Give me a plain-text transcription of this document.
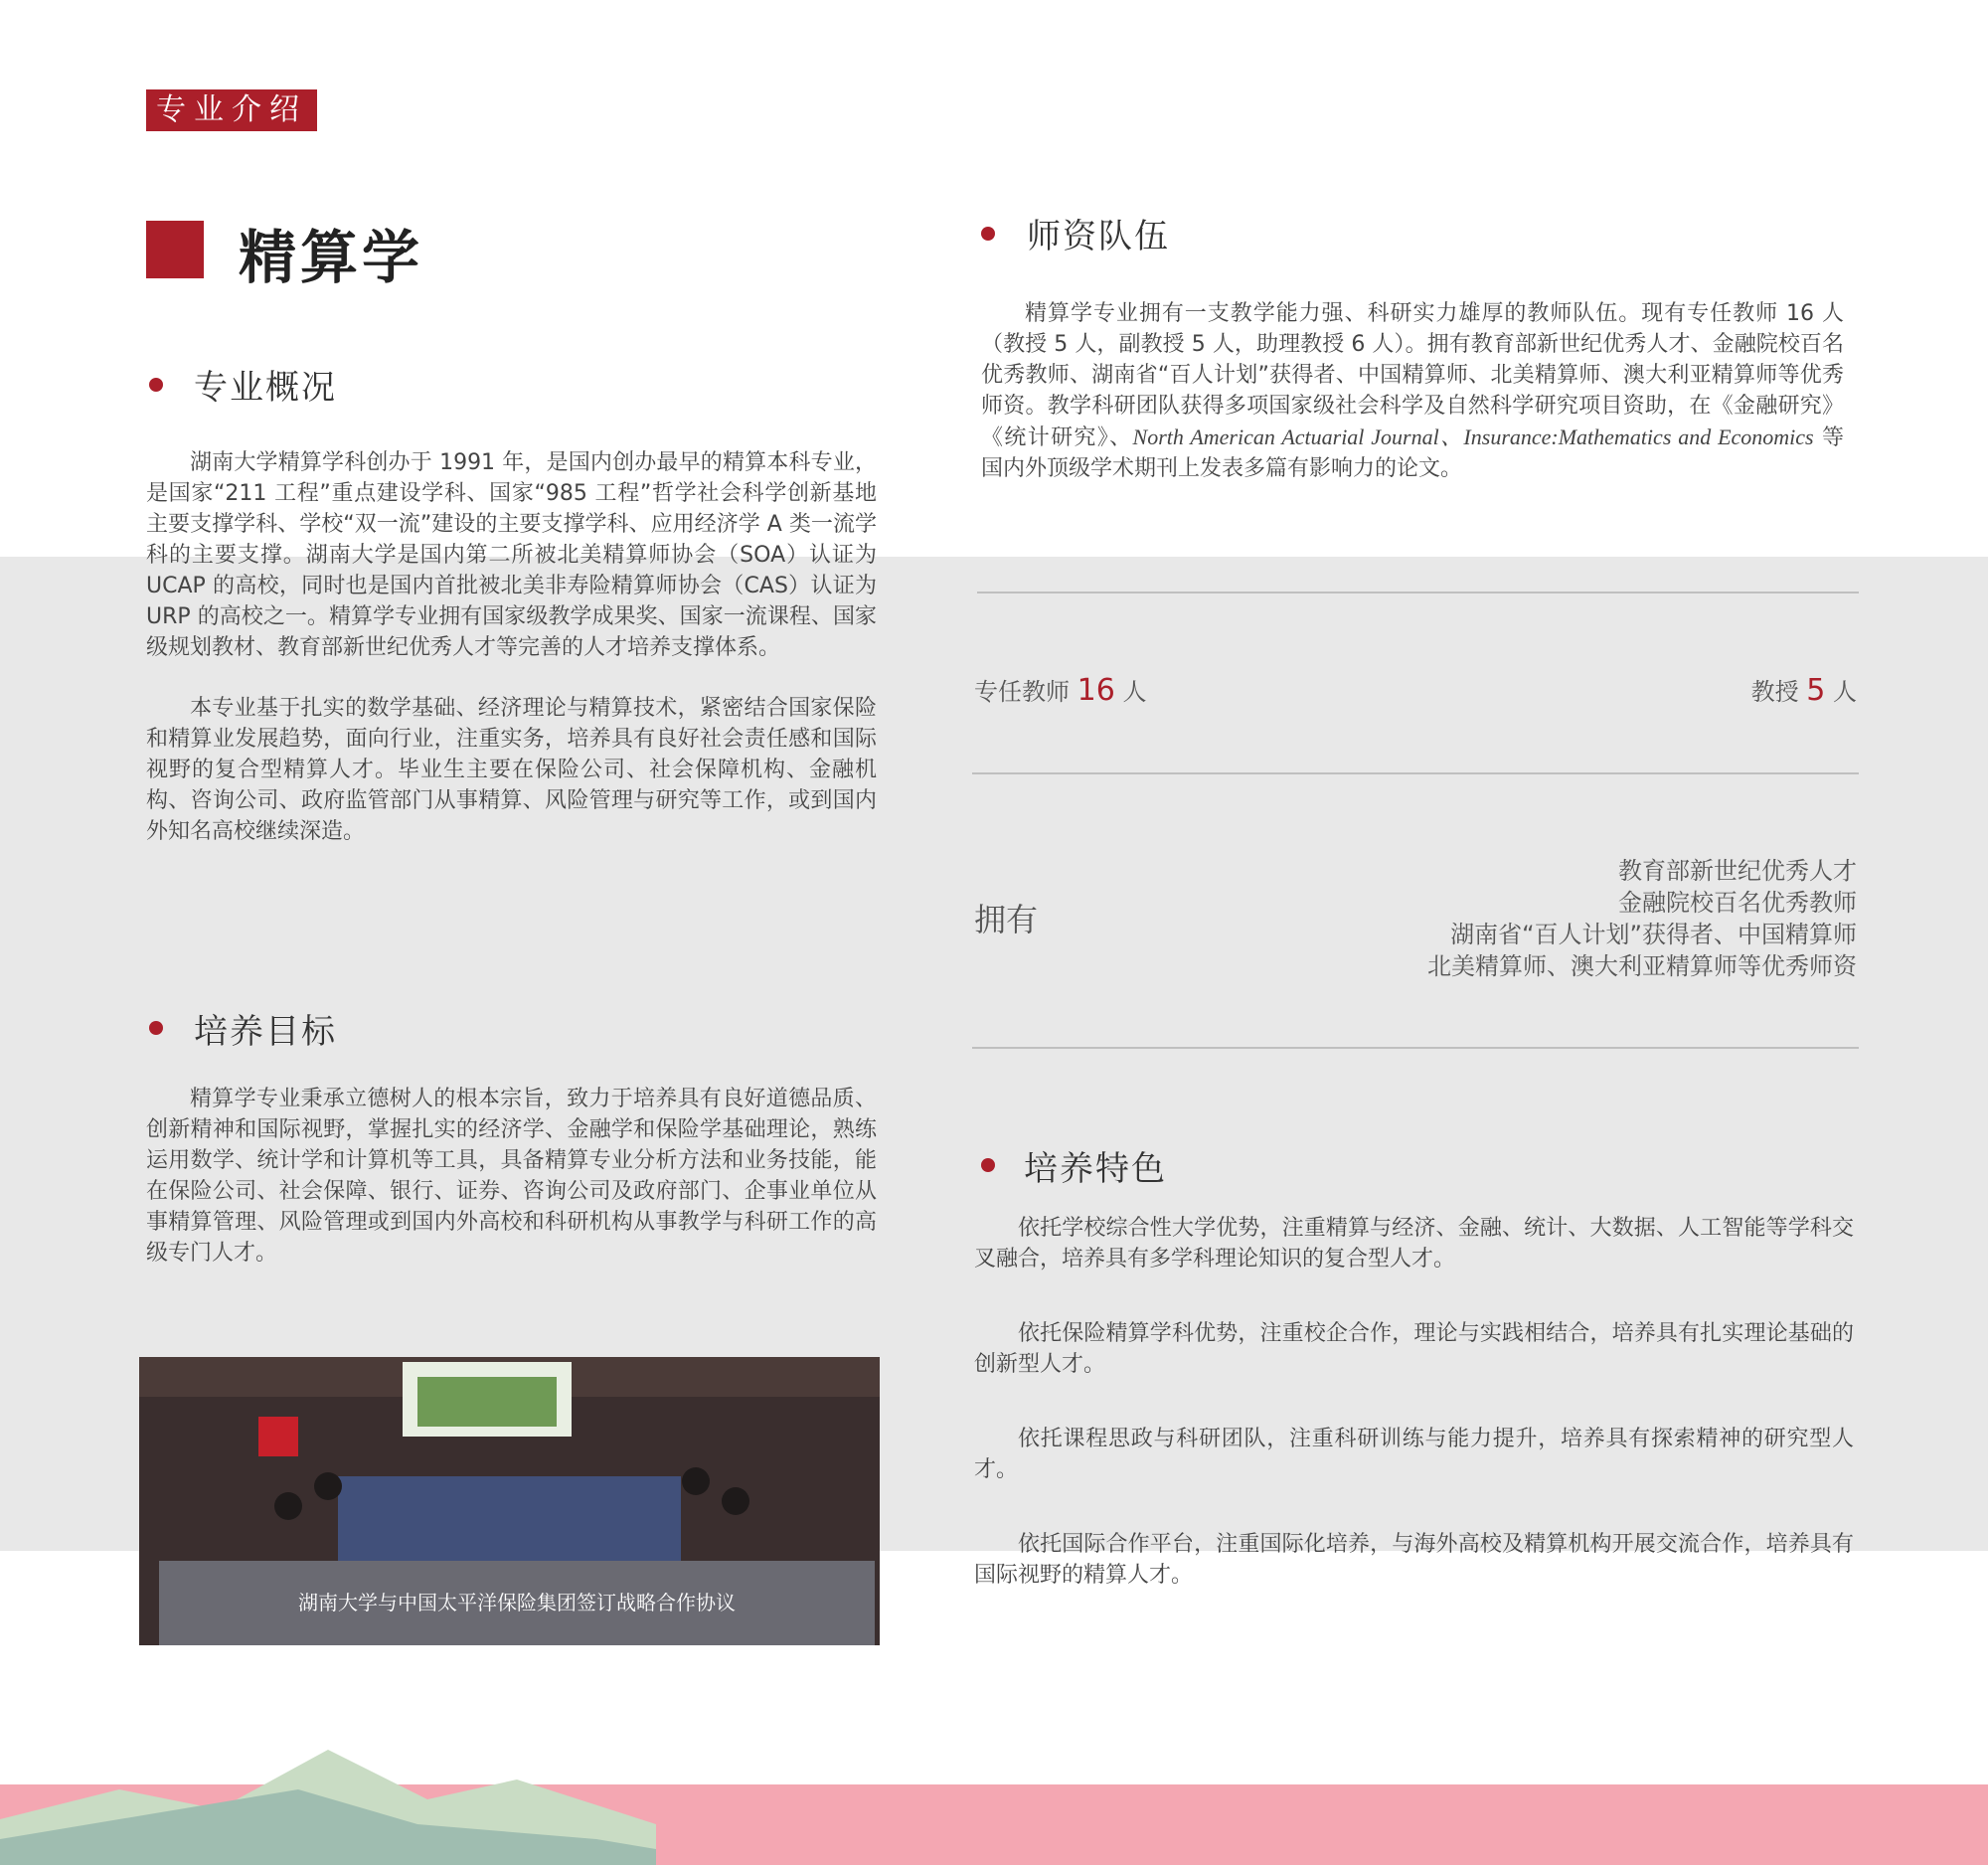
专业介绍
精算学
专业概况

湖南大学精算学科创办于 1991 年，是国内创办最早的精算本科专业，是国家“211 工程”重点建设学科、国家“985 工程”哲学社会科学创新基地主要支撑学科、学校“双一流”建设的主要支撑学科、应用经济学 A 类一流学科的主要支撑。湖南大学是国内第二所被北美精算师协会（SOA）认证为 UCAP 的高校，同时也是国内首批被北美非寿险精算师协会（CAS）认证为 URP 的高校之一。精算学专业拥有国家级教学成果奖、国家一流课程、国家级规划教材、教育部新世纪优秀人才等完善的人才培养支撑体系。

本专业基于扎实的数学基础、经济理论与精算技术，紧密结合国家保险和精算业发展趋势，面向行业，注重实务，培养具有良好社会责任感和国际视野的复合型精算人才。毕业生主要在保险公司、社会保障机构、金融机构、咨询公司、政府监管部门从事精算、风险管理与研究等工作，或到国内外知名高校继续深造。

培养目标

精算学专业秉承立德树人的根本宗旨，致力于培养具有良好道德品质、创新精神和国际视野，掌握扎实的经济学、金融学和保险学基础理论，熟练运用数学、统计学和计算机等工具，具备精算专业分析方法和业务技能，能在保险公司、社会保障、银行、证券、咨询公司及政府部门、企事业单位从事精算管理、风险管理或到国内外高校和科研机构从事教学与科研工作的高级专门人才。

湖南大学与中国太平洋保险集团签订战略合作协议
师资队伍

精算学专业拥有一支教学能力强、科研实力雄厚的教师队伍。现有专任教师 16 人（教授 5 人，副教授 5 人，助理教授 6 人）。拥有教育部新世纪优秀人才、金融院校百名优秀教师、湖南省“百人计划”获得者、中国精算师、北美精算师、澳大利亚精算师等优秀师资。教学科研团队获得多项国家级社会科学及自然科学研究项目资助，在《金融研究》《统计研究》、North American Actuarial Journal、Insurance:Mathematics and Economics 等国内外顶级学术期刊上发表多篇有影响力的论文。

专任教师 16 人	教授 5 人
拥有
教育部新世纪优秀人才
金融院校百名优秀教师
湖南省“百人计划”获得者、中国精算师
北美精算师、澳大利亚精算师等优秀师资
培养特色

依托学校综合性大学优势，注重精算与经济、金融、统计、大数据、人工智能等学科交叉融合，培养具有多学科理论知识的复合型人才。

依托保险精算学科优势，注重校企合作，理论与实践相结合，培养具有扎实理论基础的创新型人才。

依托课程思政与科研团队，注重科研训练与能力提升，培养具有探索精神的研究型人才。

依托国际合作平台，注重国际化培养，与海外高校及精算机构开展交流合作，培养具有国际视野的精算人才。
